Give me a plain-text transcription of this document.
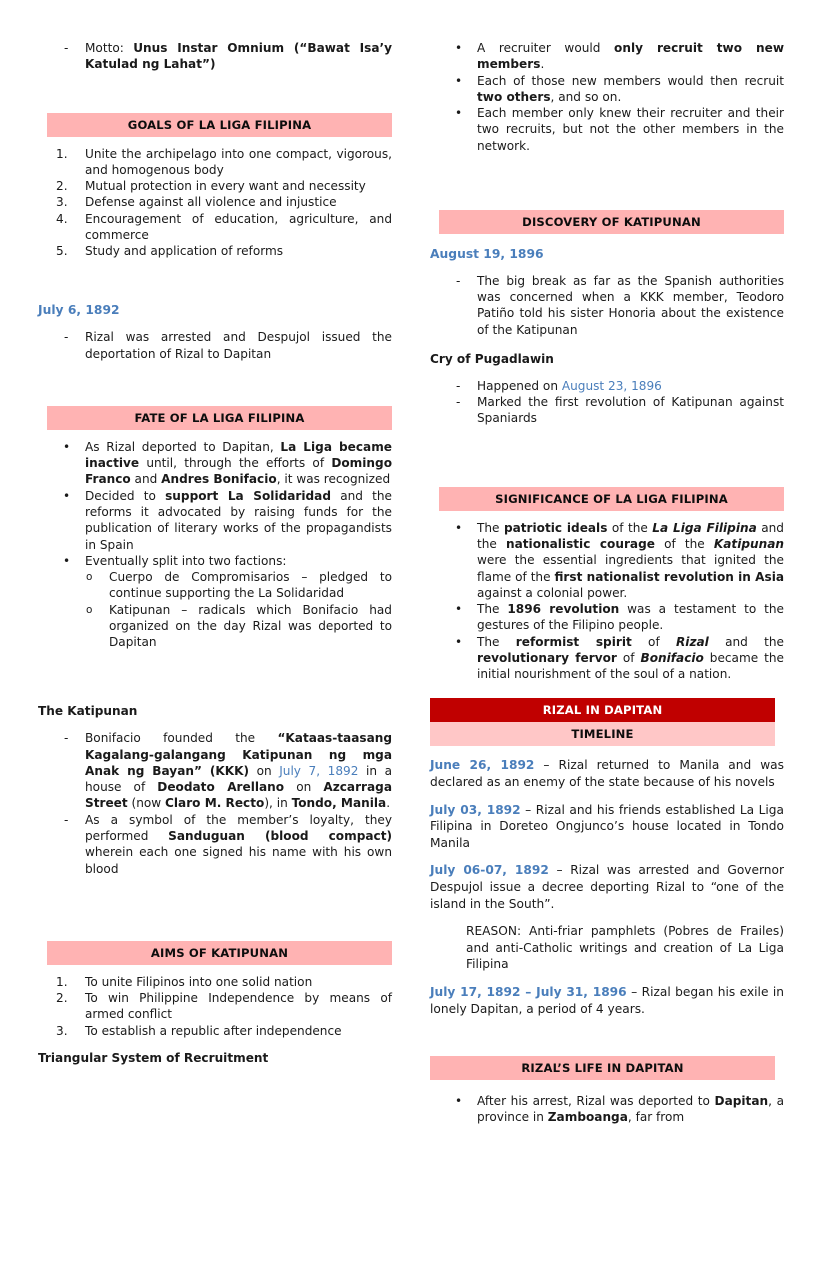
-	Motto: Unus Instar Omnium (“Bawat Isa’y Katulad ng Lahat”)
GOALS OF LA LIGA FILIPINA
1.	Unite the archipelago into one compact, vigorous, and homogenous body
2.	Mutual protection in every want and necessity
3.	Defense against all violence and injustice
4.	Encouragement of education, agriculture, and commerce
5.	Study and application of reforms
July 6, 1892
-	Rizal was arrested and Despujol issued the deportation of Rizal to Dapitan
FATE OF LA LIGA FILIPINA
•	As Rizal deported to Dapitan, La Liga became inactive until, through the efforts of Domingo Franco and Andres Bonifacio, it was recognized
•	Decided to support La Solidaridad and the reforms it advocated by raising funds for the publication of literary works of the propagandists in Spain
•	Eventually split into two factions:
o Cuerpo de Compromisarios – pledged to continue supporting the La Solidaridad
o Katipunan – radicals which Bonifacio had organized on the day Rizal was deported to Dapitan
The Katipunan
-	Bonifacio founded the “Kataas-taasang Kagalang-galangang Katipunan ng mga Anak ng Bayan” (KKK) on July 7, 1892 in a house of Deodato Arellano on Azcarraga Street (now Claro M. Recto), in Tondo, Manila.
-	As a symbol of the member’s loyalty, they performed Sanduguan (blood compact) wherein each one signed his name with his own blood
AIMS OF KATIPUNAN
1.	To unite Filipinos into one solid nation
2.	To win Philippine Independence by means of armed conflict
3.	To establish a republic after independence
Triangular System of Recruitment
•	A recruiter would only recruit two new members.
•	Each of those new members would then recruit two others, and so on.
•	Each member only knew their recruiter and their two recruits, but not the other members in the network.
DISCOVERY OF KATIPUNAN
August 19, 1896
-	The big break as far as the Spanish authorities was concerned when a KKK member, Teodoro Patiño told his sister Honoria about the existence of the Katipunan
Cry of Pugadlawin
-	Happened on August 23, 1896
-	Marked the first revolution of Katipunan against Spaniards
SIGNIFICANCE OF LA LIGA FILIPINA
•	The patriotic ideals of the La Liga Filipina and the nationalistic courage of the Katipunan were the essential ingredients that ignited the flame of the first nationalist revolution in Asia against a colonial power.
•	The 1896 revolution was a testament to the gestures of the Filipino people.
•	The reformist spirit of Rizal and the revolutionary fervor of Bonifacio became the initial nourishment of the soul of a nation.
RIZAL IN DAPITAN
TIMELINE
June 26, 1892 – Rizal returned to Manila and was declared as an enemy of the state because of his novels
July 03, 1892 – Rizal and his friends established La Liga Filipina in Doreteo Ongjunco’s house located in Tondo Manila
July 06-07, 1892 – Rizal was arrested and Governor Despujol issue a decree deporting Rizal to “one of the island in the South”.
REASON: Anti-friar pamphlets (Pobres de Frailes) and anti-Catholic writings and creation of La Liga Filipina
July 17, 1892 – July 31, 1896 – Rizal began his exile in lonely Dapitan, a period of 4 years.
RIZAL’S LIFE IN DAPITAN
•	After his arrest, Rizal was deported to Dapitan, a province in Zamboanga, far from
